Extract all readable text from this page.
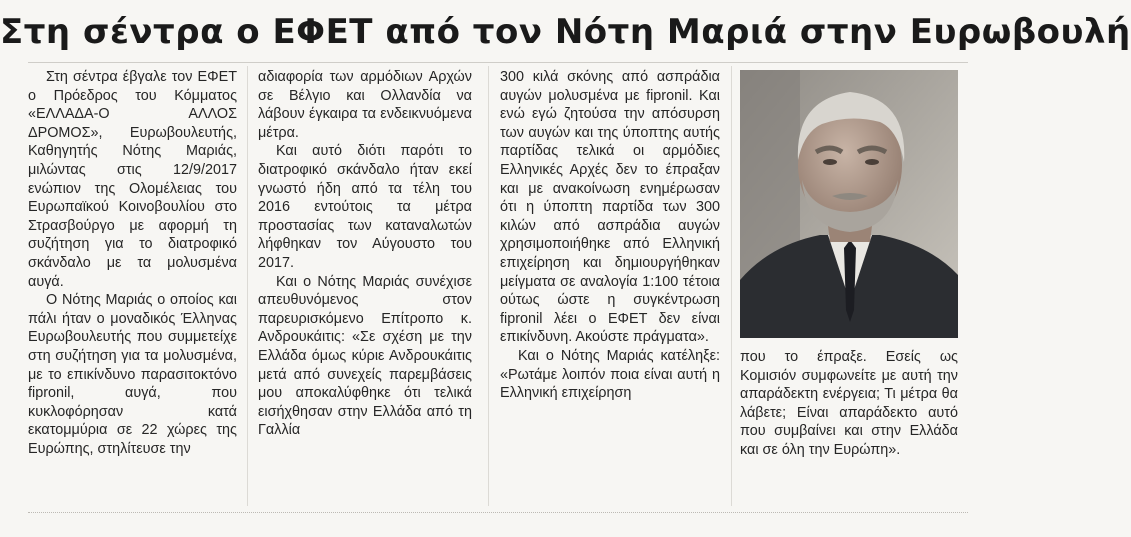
Στη σέντρα ο ΕΦΕΤ από τον Νότη Μαριά στην Ευρωβουλή

Στη σέντρα έβγαλε τον ΕΦΕΤ ο Πρόεδρος του Κόμματος «ΕΛΛΑΔΑ-Ο ΑΛΛΟΣ ΔΡΟΜΟΣ», Ευρωβουλευτής, Καθηγητής Νότης Μαριάς, μιλώντας στις 12/9/2017 ενώπιον της Ολομέλειας του Ευρωπαϊκού Κοινοβουλίου στο Στρασβούργο με αφορμή τη συζήτηση για το διατροφικό σκάνδαλο με τα μολυσμένα αυγά.

Ο Νότης Μαριάς ο οποίος και πάλι ήταν ο μοναδικός Έλληνας Ευρωβουλευτής που συμμετείχε στη συζήτηση για τα μολυσμένα, με το επικίνδυνο παρασιτοκτόνο fipronil, αυγά, που κυκλοφόρησαν κατά εκατομμύρια σε 22 χώρες της Ευρώπης, στηλίτευσε την

αδιαφορία των αρμόδιων Αρχών σε Βέλγιο και Ολλανδία να λάβουν έγκαιρα τα ενδεικνυόμενα μέτρα.

Και αυτό διότι παρότι το διατροφικό σκάνδαλο ήταν εκεί γνωστό ήδη από τα τέλη του 2016 εντούτοις τα μέτρα προστασίας των καταναλωτών λήφθηκαν τον Αύγουστο του 2017.

Και ο Νότης Μαριάς συνέχισε απευθυνόμενος στον παρευρισκόμενο Επίτροπο κ. Ανδρουκάιτις: «Σε σχέση με την Ελλάδα όμως κύριε Ανδρουκάιτις μετά από συνεχείς παρεμβάσεις μου αποκαλύφθηκε ότι τελικά εισήχθησαν στην Ελλάδα από τη Γαλλία

300 κιλά σκόνης από ασπράδια αυγών μολυσμένα με fipronil. Και ενώ εγώ ζητούσα την απόσυρση των αυγών και της ύποπτης αυτής παρτίδας τελικά οι αρμόδιες Ελληνικές Αρχές δεν το έπραξαν και με ανακοίνωση ενημέρωσαν ότι η ύποπτη παρτίδα των 300 κιλών από ασπράδια αυγών χρησιμοποιήθηκε από Ελληνική επιχείρηση και δημιουργήθηκαν μείγματα σε αναλογία 1:100 τέτοια ούτως ώστε η συγκέντρωση fipronil λέει ο ΕΦΕΤ δεν είναι επικίνδυνη. Ακούστε πράγματα».

Και ο Νότης Μαριάς κατέληξε: «Ρωτάμε λοιπόν ποια είναι αυτή η Ελληνική επιχείρηση

που το έπραξε. Εσείς ως Κομισιόν συμφωνείτε με αυτή την απαράδεκτη ενέργεια; Τι μέτρα θα λάβετε; Είναι απαράδεκτο αυτό που συμβαίνει και στην Ελλάδα και σε όλη την Ευρώπη».
